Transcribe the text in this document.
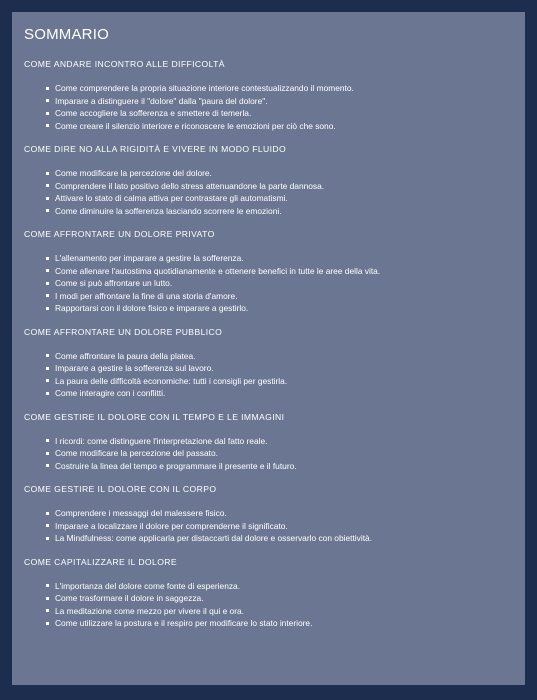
SOMMARIO
COME ANDARE INCONTRO ALLE DIFFICOLTÀ
Come comprendere la propria situazione interiore contestualizzando il momento.
Imparare a distinguere il "dolore" dalla "paura del dolore".
Come accogliere la sofferenza e smettere di temerla.
Come creare il silenzio interiore e riconoscere le emozioni per ciò che sono.
COME DIRE NO ALLA RIGIDITÀ E VIVERE IN MODO FLUIDO
Come modificare la percezione del dolore.
Comprendere il lato positivo dello stress attenuandone la parte dannosa.
Attivare lo stato di calma attiva per contrastare gli automatismi.
Come diminuire la sofferenza lasciando scorrere le emozioni.
COME AFFRONTARE UN DOLORE PRIVATO
L'allenamento per imparare a gestire la sofferenza.
Come allenare l'autostima quotidianamente e ottenere benefici in tutte le aree della vita.
Come si può affrontare un lutto.
I modi per affrontare la fine di una storia d'amore.
Rapportarsi con il dolore fisico e imparare a gestirlo.
COME AFFRONTARE UN DOLORE PUBBLICO
Come affrontare la paura della platea.
Imparare a gestire la sofferenza sul lavoro.
La paura delle difficoltà economiche: tutti i consigli per gestirla.
Come interagire con i conflitti.
COME GESTIRE IL DOLORE CON IL TEMPO E LE IMMAGINI
I ricordi: come distinguere l'interpretazione dal fatto reale.
Come modificare la percezione del passato.
Costruire la linea del tempo e programmare il presente e il futuro.
COME GESTIRE IL DOLORE CON IL CORPO
Comprendere i messaggi del malessere fisico.
Imparare a localizzare il dolore per comprenderne il significato.
La Mindfulness: come applicarla per distaccarti dal dolore e osservarlo con obiettività.
COME CAPITALIZZARE IL DOLORE
L'importanza del dolore come fonte di esperienza.
Come trasformare il dolore in saggezza.
La meditazione come mezzo per vivere il qui e ora.
Come utilizzare la postura e il respiro per modificare lo stato interiore.
